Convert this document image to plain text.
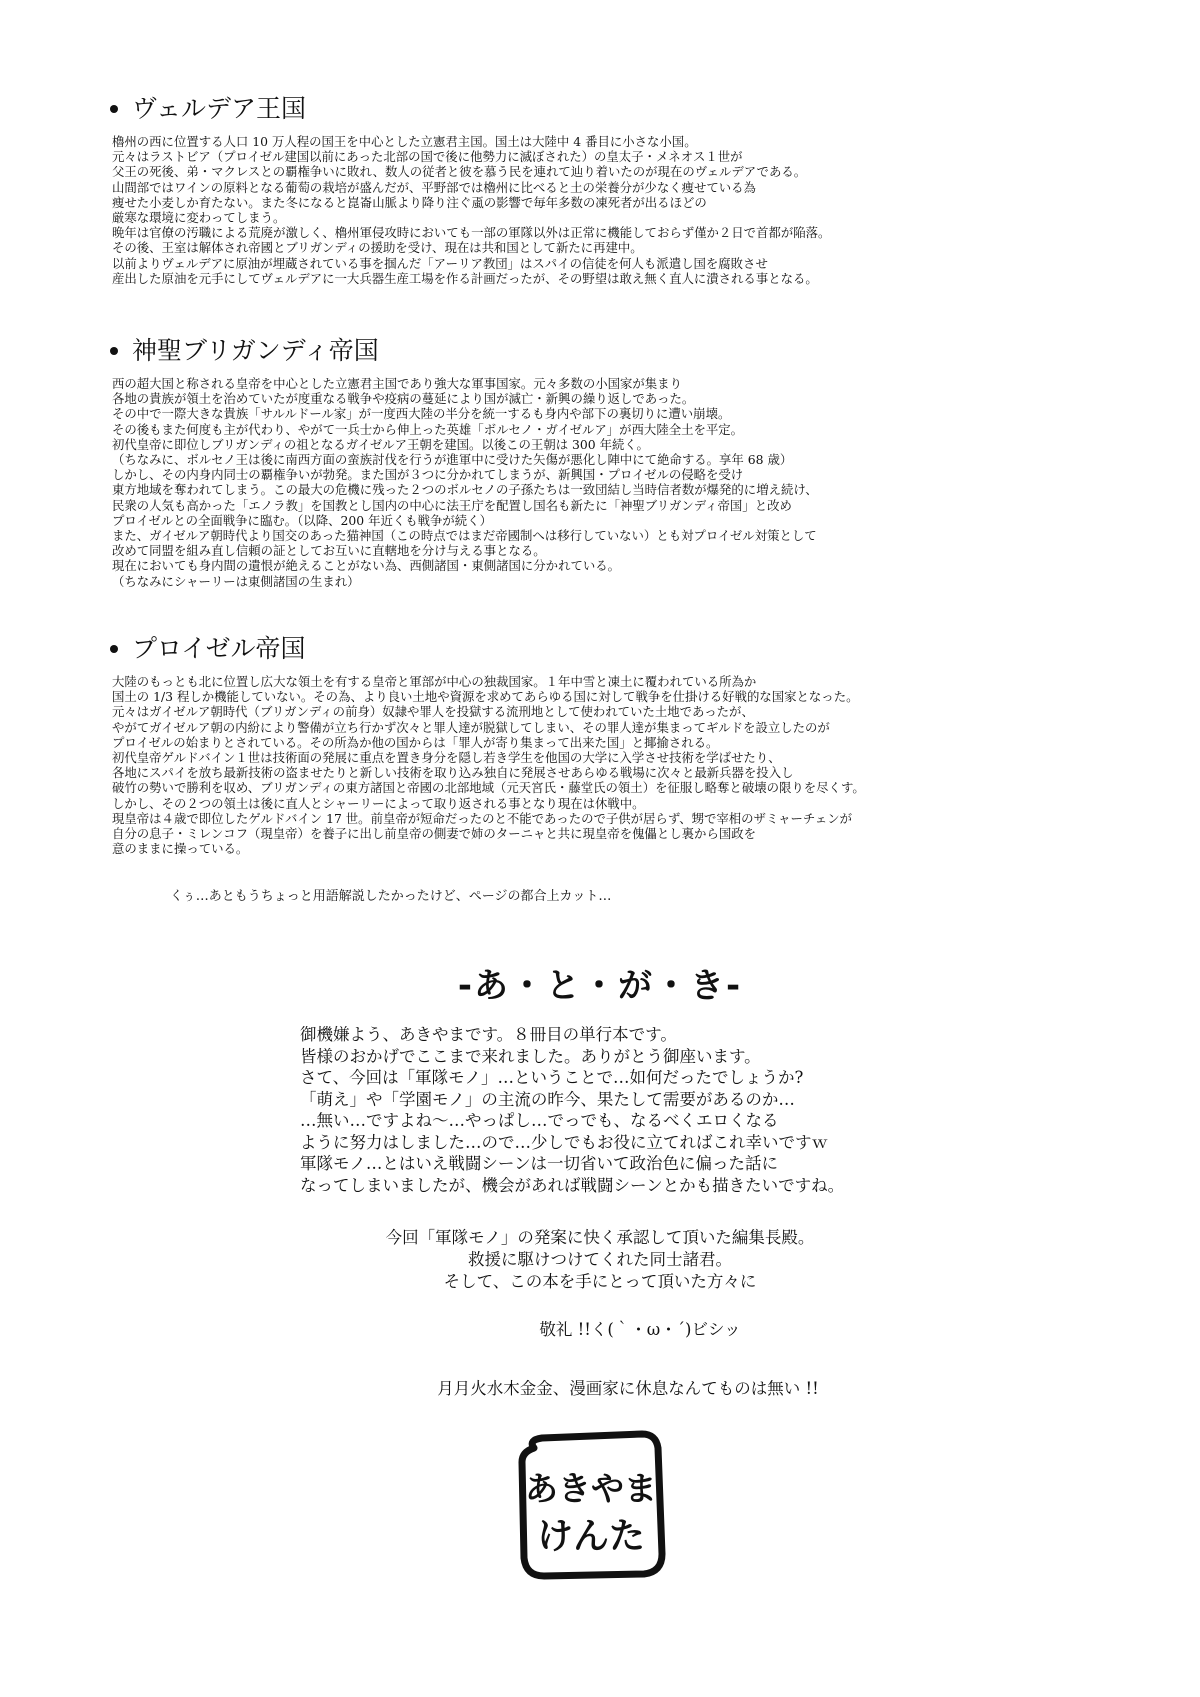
ヴェルデア王国
櫓州の西に位置する人口 10 万人程の国王を中心とした立憲君主国。国土は大陸中 4 番目に小さな小国。
元々はラストビア（プロイゼル建国以前にあった北部の国で後に他勢力に滅ぼされた）の皇太子・メネオス１世が
父王の死後、弟・マクレスとの覇権争いに敗れ、数人の従者と彼を慕う民を連れて辿り着いたのが現在のヴェルデアである。
山間部ではワインの原料となる葡萄の栽培が盛んだが、平野部では櫓州に比べると土の栄養分が少なく痩せている為
痩せた小麦しか育たない。また冬になると崑崙山脈より降り注ぐ颪の影響で毎年多数の凍死者が出るほどの
厳寒な環境に変わってしまう。
晩年は官僚の汚職による荒廃が激しく、櫓州軍侵攻時においても一部の軍隊以外は正常に機能しておらず僅か２日で首都が陥落。
その後、王室は解体され帝國とブリガンディの援助を受け、現在は共和国として新たに再建中。
以前よりヴェルデアに原油が埋蔵されている事を掴んだ「アーリア教団」はスパイの信徒を何人も派遣し国を腐敗させ
産出した原油を元手にしてヴェルデアに一大兵器生産工場を作る計画だったが、その野望は敢え無く直人に潰される事となる。
神聖ブリガンディ帝国
西の超大国と称される皇帝を中心とした立憲君主国であり強大な軍事国家。元々多数の小国家が集まり
各地の貴族が領土を治めていたが度重なる戦争や疫病の蔓延により国が滅亡・新興の繰り返しであった。
その中で一際大きな貴族「サルルドール家」が一度西大陸の半分を統一するも身内や部下の裏切りに遭い崩壊。
その後もまた何度も主が代わり、やがて一兵士から伸上った英雄「ボルセノ・ガイゼルア」が西大陸全土を平定。
初代皇帝に即位しブリガンディの祖となるガイゼルア王朝を建国。以後この王朝は 300 年続く。
（ちなみに、ボルセノ王は後に南西方面の蛮族討伐を行うが進軍中に受けた矢傷が悪化し陣中にて絶命する。享年 68 歳）
しかし、その内身内同士の覇権争いが勃発。また国が３つに分かれてしまうが、新興国・プロイゼルの侵略を受け
東方地域を奪われてしまう。この最大の危機に残った２つのボルセノの子孫たちは一致団結し当時信者数が爆発的に増え続け、
民衆の人気も高かった「エノラ教」を国教とし国内の中心に法王庁を配置し国名も新たに「神聖ブリガンディ帝国」と改め
プロイゼルとの全面戦争に臨む。（以降、200 年近くも戦争が続く）
また、ガイゼルア朝時代より国交のあった猫神国（この時点ではまだ帝國制へは移行していない）とも対プロイゼル対策として
改めて同盟を組み直し信頼の証としてお互いに直轄地を分け与える事となる。
現在においても身内間の遺恨が絶えることがない為、西側諸国・東側諸国に分かれている。
（ちなみにシャーリーは東側諸国の生まれ）
プロイゼル帝国
大陸のもっとも北に位置し広大な領土を有する皇帝と軍部が中心の独裁国家。１年中雪と凍土に覆われている所為か
国土の 1/3 程しか機能していない。その為、より良い土地や資源を求めてあらゆる国に対して戦争を仕掛ける好戦的な国家となった。
元々はガイゼルア朝時代（ブリガンディの前身）奴隷や罪人を投獄する流刑地として使われていた土地であったが、
やがてガイゼルア朝の内紛により警備が立ち行かず次々と罪人達が脱獄してしまい、その罪人達が集まってギルドを設立したのが
プロイゼルの始まりとされている。その所為か他の国からは「罪人が寄り集まって出来た国」と揶揄される。
初代皇帝ゲルドバイン１世は技術面の発展に重点を置き身分を隠し若き学生を他国の大学に入学させ技術を学ばせたり、
各地にスパイを放ち最新技術の盗ませたりと新しい技術を取り込み独自に発展させあらゆる戦場に次々と最新兵器を投入し
破竹の勢いで勝利を収め、ブリガンディの東方諸国と帝國の北部地域（元天宮氏・藤堂氏の領土）を征服し略奪と破壊の限りを尽くす。
しかし、その２つの領土は後に直人とシャーリーによって取り返される事となり現在は休戦中。
現皇帝は４歳で即位したゲルドバイン 17 世。前皇帝が短命だったのと不能であったので子供が居らず、甥で宰相のザミャーチェンが
自分の息子・ミレンコフ（現皇帝）を養子に出し前皇帝の側妻で姉のターニャと共に現皇帝を傀儡とし裏から国政を
意のままに操っている。
くぅ…あともうちょっと用語解説したかったけど、ページの都合上カット…
-あ・と・が・き-
御機嫌よう、あきやまです。８冊目の単行本です。
皆様のおかげでここまで来れました。ありがとう御座います。
さて、今回は「軍隊モノ」…ということで…如何だったでしょうか?
「萌え」や「学園モノ」の主流の昨今、果たして需要があるのか…
…無い…ですよね〜…やっぱし…でっでも、なるべくエロくなる
ように努力はしました…ので…少しでもお役に立てればこれ幸いですｗ
軍隊モノ…とはいえ戦闘シーンは一切省いて政治色に偏った話に
なってしまいましたが、機会があれば戦闘シーンとかも描きたいですね。
今回「軍隊モノ」の発案に快く承認して頂いた編集長殿。
救援に駆けつけてくれた同士諸君。
そして、この本を手にとって頂いた方々に
敬礼 !!く(｀・ω・´)ビシッ
月月火水木金金、漫画家に休息なんてものは無い !!
あきやま
けんた
